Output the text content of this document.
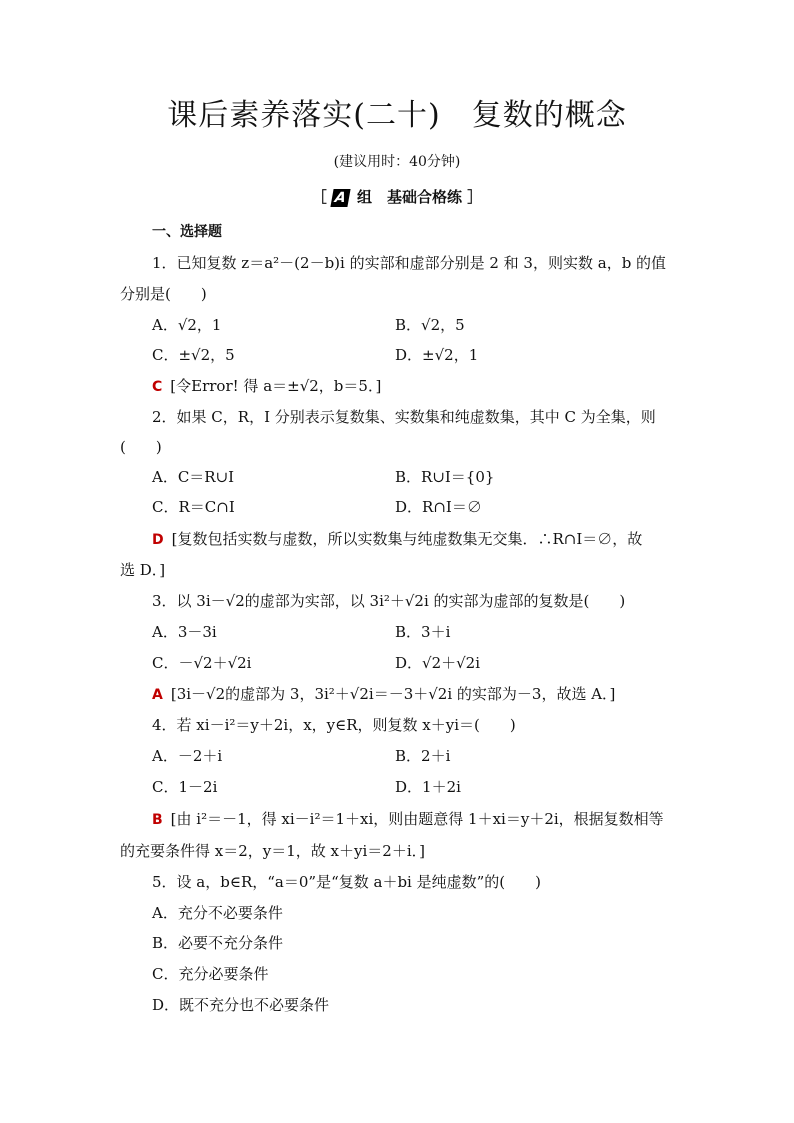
课后素养落实(二十)　复数的概念
(建议用时：40分钟)
［ A 组　基础合格练 ］
一、选择题
1．已知复数 z＝a²－(2－b)i 的实部和虚部分别是 2 和 3，则实数 a，b 的值
分别是(　　)
A．√2，1	B．√2，5
C．±√2，5	D．±√2，1
C [令Error! 得 a＝±√2，b＝5．]
2．如果 C，R，I 分别表示复数集、实数集和纯虚数集，其中 C 为全集，则
(　　)
A．C＝R∪I	B．R∪I＝{0}
C．R＝C∩I	D．R∩I＝∅
D [复数包括实数与虚数，所以实数集与纯虚数集无交集．∴R∩I＝∅，故
选 D．]
3．以 3i－√2的虚部为实部，以 3i²＋√2i 的实部为虚部的复数是(　　)
A．3－3i	B．3＋i
C．－√2＋√2i	D．√2＋√2i
A [3i－√2的虚部为 3，3i²＋√2i＝－3＋√2i 的实部为－3，故选 A．]
4．若 xi－i²＝y＋2i，x，y∈R，则复数 x＋yi＝(　　)
A．－2＋i	B．2＋i
C．1－2i	D．1＋2i
B [由 i²＝－1，得 xi－i²＝1＋xi，则由题意得 1＋xi＝y＋2i，根据复数相等
的充要条件得 x＝2，y＝1，故 x＋yi＝2＋i．]
5．设 a，b∈R，“a＝0”是“复数 a＋bi 是纯虚数”的(　　)
A．充分不必要条件
B．必要不充分条件
C．充分必要条件
D．既不充分也不必要条件
